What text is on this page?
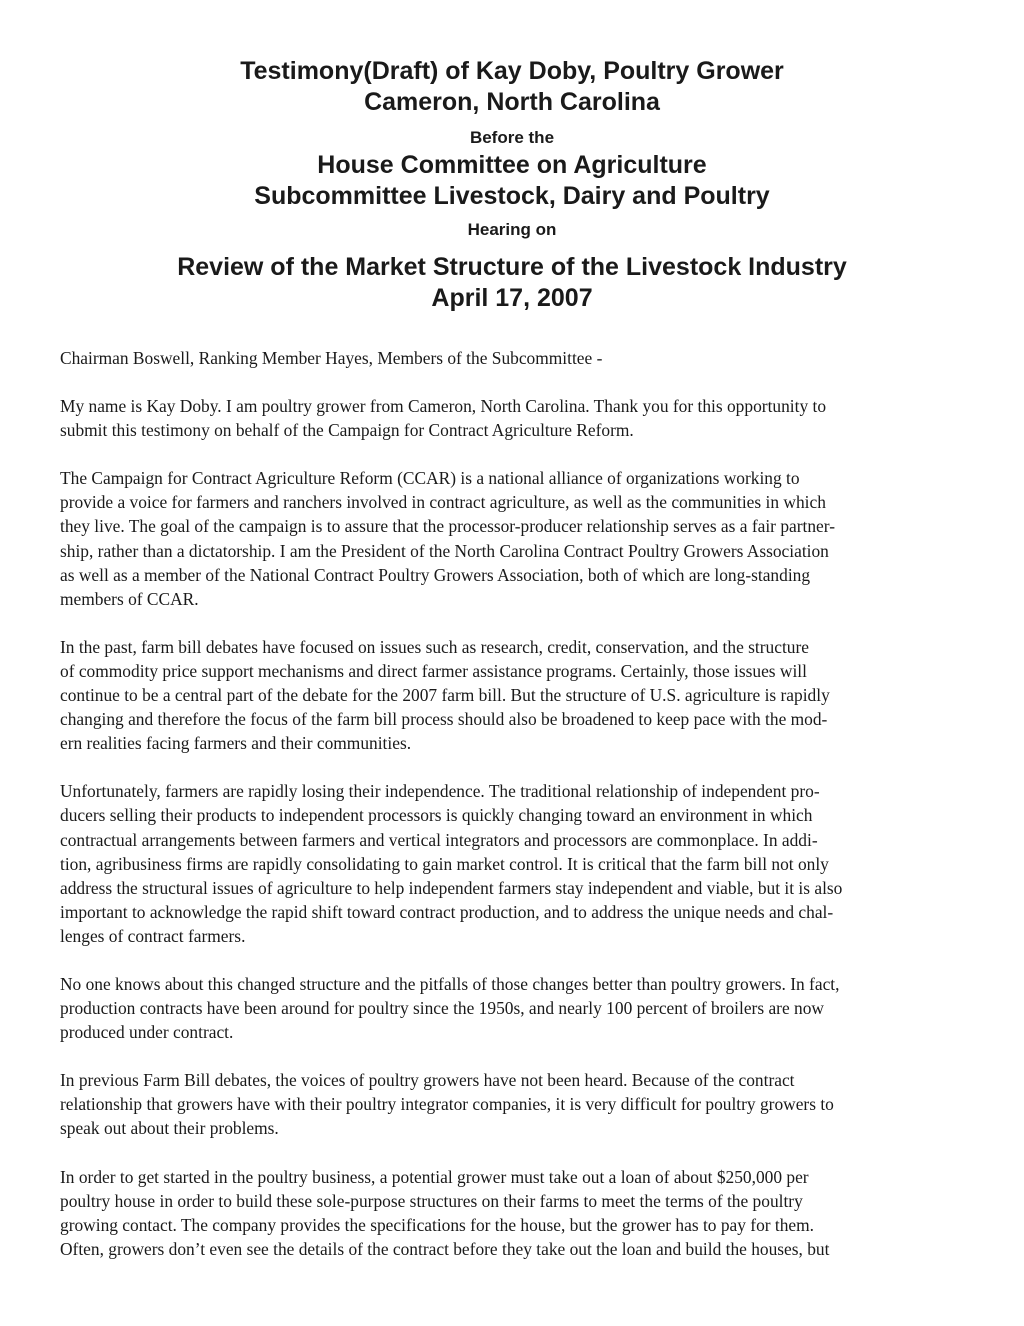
Testimony(Draft) of Kay Doby, Poultry Grower
Cameron, North Carolina
Before the
House Committee on Agriculture
Subcommittee Livestock, Dairy and Poultry
Hearing on
Review of the Market Structure of the Livestock Industry
April 17, 2007

Chairman Boswell, Ranking Member Hayes, Members of the Subcommittee -

My name is Kay Doby. I am poultry grower from Cameron, North Carolina. Thank you for this opportunity to
submit this testimony on behalf of the Campaign for Contract Agriculture Reform.

The Campaign for Contract Agriculture Reform (CCAR) is a national alliance of organizations working to
provide a voice for farmers and ranchers involved in contract agriculture, as well as the communities in which
they live. The goal of the campaign is to assure that the processor-producer relationship serves as a fair partner-
ship, rather than a dictatorship. I am the President of the North Carolina Contract Poultry Growers Association
as well as a member of the National Contract Poultry Growers Association, both of which are long-standing
members of CCAR.

In the past, farm bill debates have focused on issues such as research, credit, conservation, and the structure
of commodity price support mechanisms and direct farmer assistance programs. Certainly, those issues will
continue to be a central part of the debate for the 2007 farm bill. But the structure of U.S. agriculture is rapidly
changing and therefore the focus of the farm bill process should also be broadened to keep pace with the mod-
ern realities facing farmers and their communities.

Unfortunately, farmers are rapidly losing their independence. The traditional relationship of independent pro-
ducers selling their products to independent processors is quickly changing toward an environment in which
contractual arrangements between farmers and vertical integrators and processors are commonplace. In addi-
tion, agribusiness firms are rapidly consolidating to gain market control. It is critical that the farm bill not only
address the structural issues of agriculture to help independent farmers stay independent and viable, but it is also
important to acknowledge the rapid shift toward contract production, and to address the unique needs and chal-
lenges of contract farmers.

No one knows about this changed structure and the pitfalls of those changes better than poultry growers. In fact,
production contracts have been around for poultry since the 1950s, and nearly 100 percent of broilers are now
produced under contract.

In previous Farm Bill debates, the voices of poultry growers have not been heard. Because of the contract
relationship that growers have with their poultry integrator companies, it is very difficult for poultry growers to
speak out about their problems.

In order to get started in the poultry business, a potential grower must take out a loan of about $250,000 per
poultry house in order to build these sole-purpose structures on their farms to meet the terms of the poultry
growing contact. The company provides the specifications for the house, but the grower has to pay for them.
Often, growers don’t even see the details of the contract before they take out the loan and build the houses, but
